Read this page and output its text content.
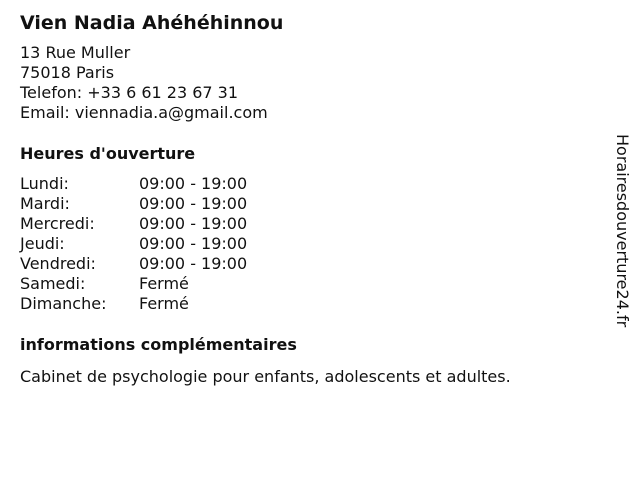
Vien Nadia Ahéhéhinnou
13 Rue Muller
75018 Paris
Telefon: +33 6 61 23 67 31
Email: viennadia.a@gmail.com
Heures d'ouverture
Lundi:	09:00 - 19:00
Mardi:	09:00 - 19:00
Mercredi:	09:00 - 19:00
Jeudi:	09:00 - 19:00
Vendredi:	09:00 - 19:00
Samedi:	Fermé
Dimanche:	Fermé
informations complémentaires
Cabinet de psychologie pour enfants, adolescents et adultes.
Horairesdouverture24.fr
